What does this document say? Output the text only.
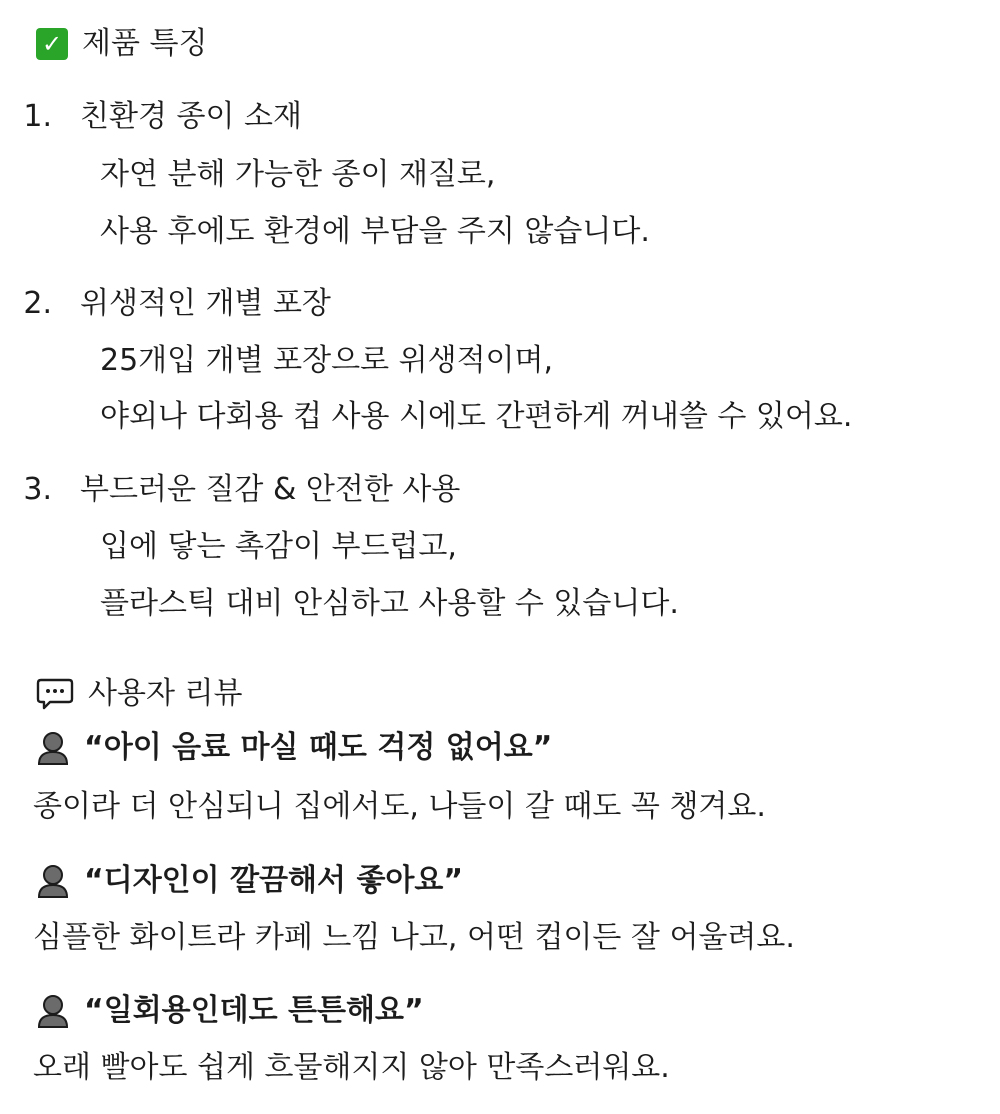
✓ 제품 특징
1. 친환경 종이 소재
자연 분해 가능한 종이 재질로,
사용 후에도 환경에 부담을 주지 않습니다.
2. 위생적인 개별 포장
25개입 개별 포장으로 위생적이며,
야외나 다회용 컵 사용 시에도 간편하게 꺼내쓸 수 있어요.
3. 부드러운 질감 & 안전한 사용
입에 닿는 촉감이 부드럽고,
플라스틱 대비 안심하고 사용할 수 있습니다.
사용자 리뷰
“아이 음료 마실 때도 걱정 없어요”
종이라 더 안심되니 집에서도, 나들이 갈 때도 꼭 챙겨요.
“디자인이 깔끔해서 좋아요”
심플한 화이트라 카페 느낌 나고, 어떤 컵이든 잘 어울려요.
“일회용인데도 튼튼해요”
오래 빨아도 쉽게 흐물해지지 않아 만족스러워요.
